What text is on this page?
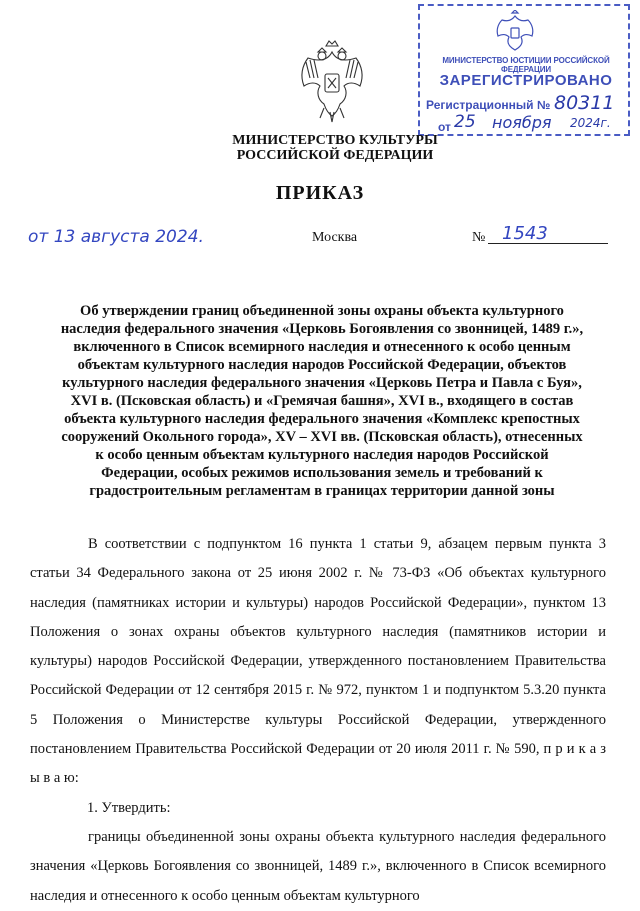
МИНИСТЕРСТВО ЮСТИЦИИ РОССИЙСКОЙ ФЕДЕРАЦИИ
ЗАРЕГИСТРИРОВАНО
Регистрационный № 80311
от 25 ноября 2024г.
МИНИСТЕРСТВО КУЛЬТУРЫ РОССИЙСКОЙ ФЕДЕРАЦИИ
ПРИКАЗ
от 13 августа 2024.	Москва	№ 1543
Об утверждении границ объединенной зоны охраны объекта культурного наследия федерального значения «Церковь Богоявления со звонницей, 1489 г.», включенного в Список всемирного наследия и отнесенного к особо ценным объектам культурного наследия народов Российской Федерации, объектов культурного наследия федерального значения «Церковь Петра и Павла с Буя», XVI в. (Псковская область) и «Гремячая башня», XVI в., входящего в состав объекта культурного наследия федерального значения «Комплекс крепостных сооружений Окольного города», XV – XVI вв. (Псковская область), отнесенных к особо ценным объектам культурного наследия народов Российской Федерации, особых режимов использования земель и требований к градостроительным регламентам в границах территории данной зоны

В соответствии с подпунктом 16 пункта 1 статьи 9, абзацем первым пункта 3 статьи 34 Федерального закона от 25 июня 2002 г. № 73-ФЗ «Об объектах культурного наследия (памятниках истории и культуры) народов Российской Федерации», пунктом 13 Положения о зонах охраны объектов культурного наследия (памятников истории и культуры) народов Российской Федерации, утвержденного постановлением Правительства Российской Федерации от 12 сентября 2015 г. № 972, пунктом 1 и подпунктом 5.3.20 пункта 5 Положения о Министерстве культуры Российской Федерации, утвержденного постановлением Правительства Российской Федерации от 20 июля 2011 г. № 590, п р и к а з ы в а ю:

1. Утвердить:

границы объединенной зоны охраны объекта культурного наследия федерального значения «Церковь Богоявления со звонницей, 1489 г.», включенного в Список всемирного наследия и отнесенного к особо ценным объектам культурного
